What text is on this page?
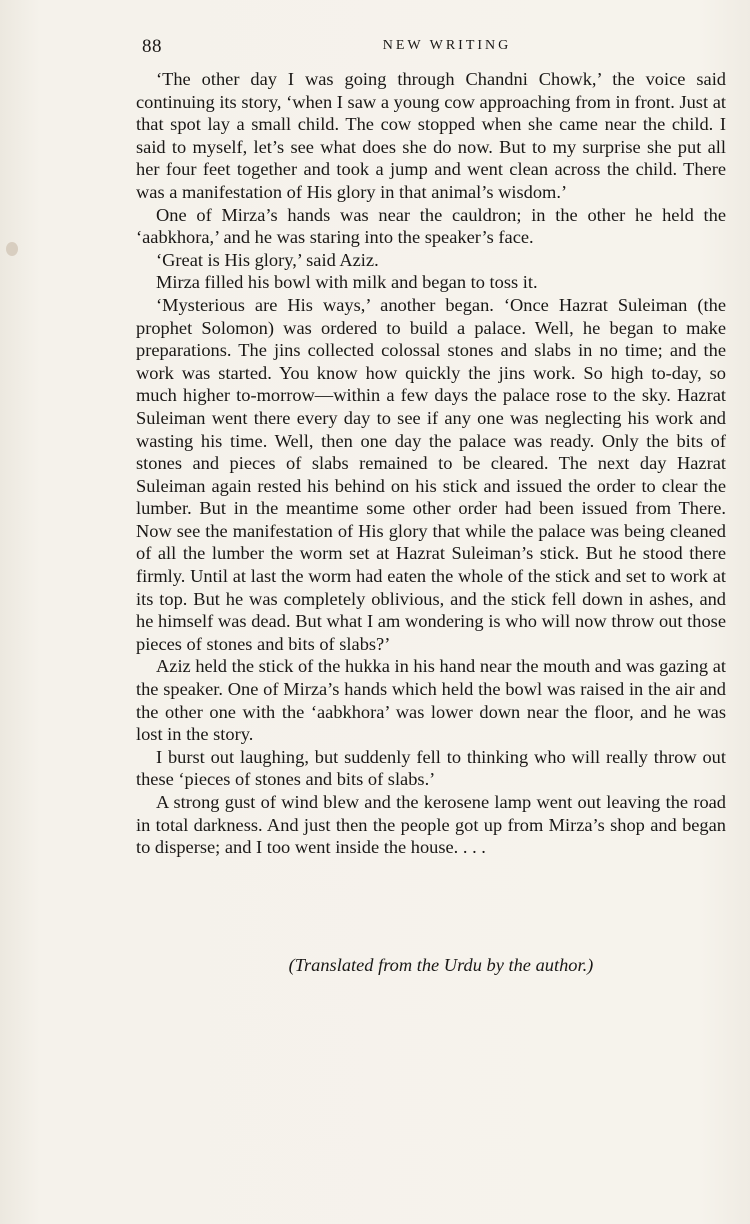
88	NEW WRITING

‘The other day I was going through Chandni Chowk,’ the voice said continuing its story, ‘when I saw a young cow approaching from in front. Just at that spot lay a small child. The cow stopped when she came near the child. I said to myself, let’s see what does she do now. But to my surprise she put all her four feet together and took a jump and went clean across the child. There was a manifestation of His glory in that animal’s wisdom.’

One of Mirza’s hands was near the cauldron; in the other he held the ‘aabkhora,’ and he was staring into the speaker’s face.

‘Great is His glory,’ said Aziz.

Mirza filled his bowl with milk and began to toss it.

‘Mysterious are His ways,’ another began. ‘Once Hazrat Suleiman (the prophet Solomon) was ordered to build a palace. Well, he began to make preparations. The jins collected colossal stones and slabs in no time; and the work was started. You know how quickly the jins work. So high to-day, so much higher to-morrow—within a few days the palace rose to the sky. Hazrat Suleiman went there every day to see if any one was neglecting his work and wasting his time. Well, then one day the palace was ready. Only the bits of stones and pieces of slabs remained to be cleared. The next day Hazrat Suleiman again rested his behind on his stick and issued the order to clear the lumber. But in the meantime some other order had been issued from There. Now see the manifestation of His glory that while the palace was being cleaned of all the lumber the worm set at Hazrat Suleiman’s stick. But he stood there firmly. Until at last the worm had eaten the whole of the stick and set to work at its top. But he was completely oblivious, and the stick fell down in ashes, and he himself was dead. But what I am wondering is who will now throw out those pieces of stones and bits of slabs?’

Aziz held the stick of the hukka in his hand near the mouth and was gazing at the speaker. One of Mirza’s hands which held the bowl was raised in the air and the other one with the ‘aabkhora’ was lower down near the floor, and he was lost in the story.

I burst out laughing, but suddenly fell to thinking who will really throw out these ‘pieces of stones and bits of slabs.’

A strong gust of wind blew and the kerosene lamp went out leaving the road in total darkness. And just then the people got up from Mirza’s shop and began to disperse; and I too went inside the house. . . .

(Translated from the Urdu by the author.)
